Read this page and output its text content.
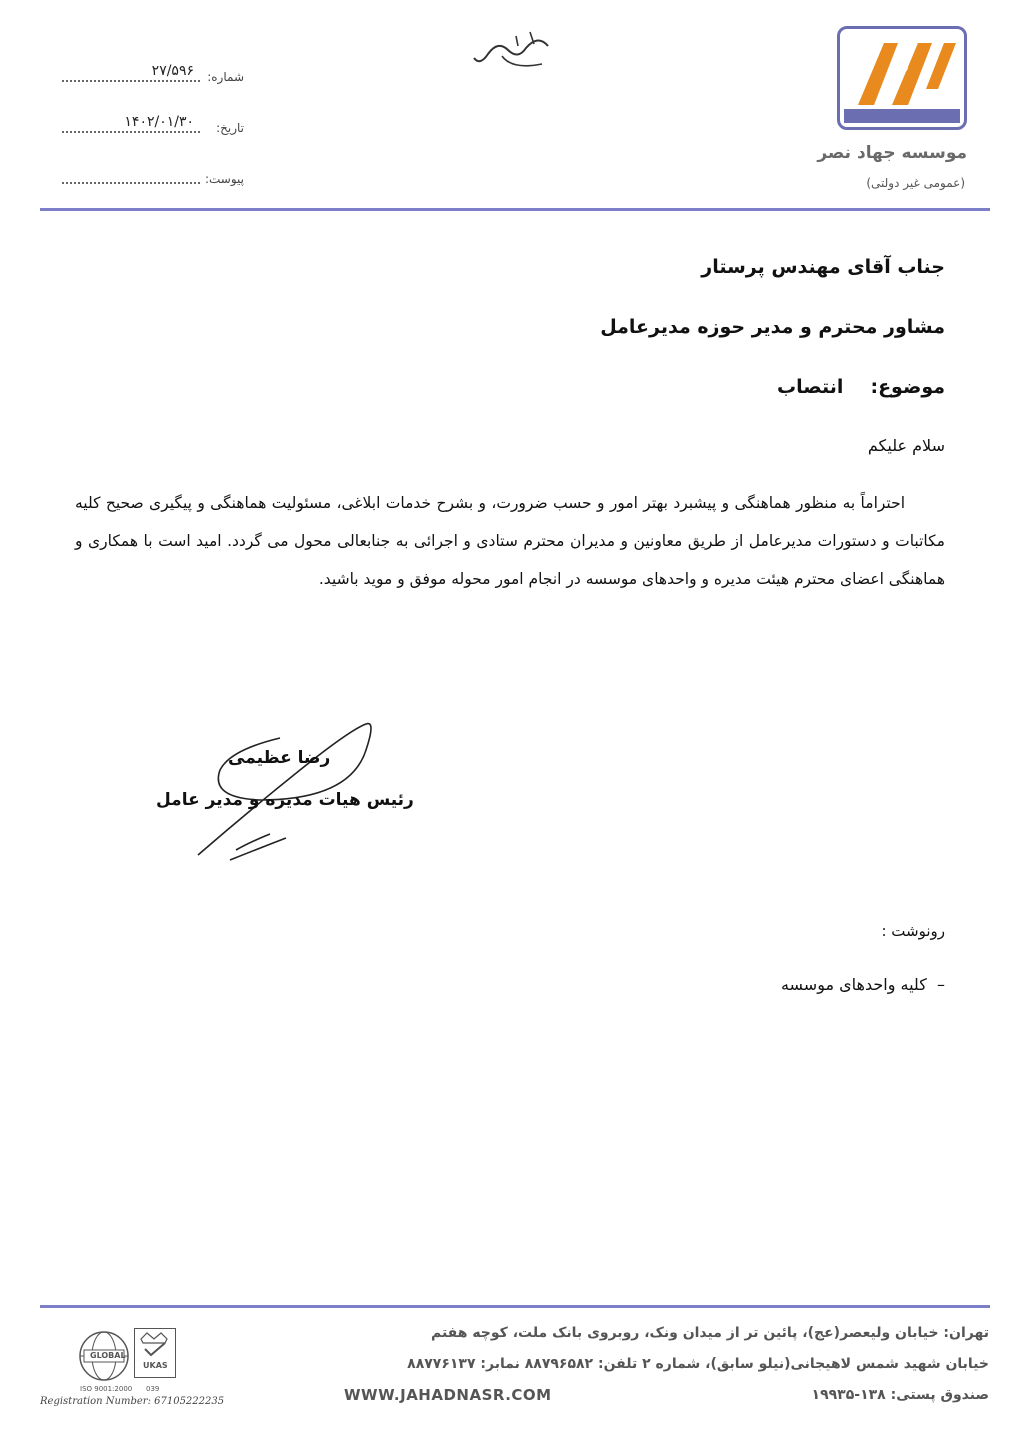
شماره:
۲۷/۵۹۶
تاریخ:
۱۴۰۲/۰۱/۳۰
پیوست:
موسسه جهاد نصر
(عمومی غیر دولتی)
جناب آقای مهندس پرستار
مشاور محترم و مدیر حوزه مدیرعامل
موضوع: انتصاب
سلام علیکم
احتراماً به منظور هماهنگی و پیشبرد بهتر امور و حسب ضرورت، و بشرح خدمات ابلاغی، مسئولیت هماهنگی و پیگیری صحیح کلیه مکاتبات و دستورات مدیرعامل از طریق معاونین و مدیران محترم ستادی و اجرائی به جنابعالی محول می گردد. امید است با همکاری و هماهنگی اعضای محترم هیئت مدیره و واحدهای موسسه در انجام امور محوله موفق و موید باشید.
رضا عظیمی
رئیس هیات مدیره و مدیر عامل
رونوشت :
–  کلیه واحدهای موسسه
تهران: خیابان ولیعصر(عج)، پائین تر از میدان ونک، روبروی بانک ملت، کوچه هفتم
خیابان شهید شمس لاهیجانی(نیلو سابق)، شماره ۲ تلفن: ۸۸۷۹۶۵۸۲ نمابر: ۸۸۷۷۶۱۳۷
صندوق پستی: ۱۳۸-۱۹۹۳۵
WWW.JAHADNASR.COM
GLOBAL
UKAS
ISO 9001:2000 039
Registration Number: 67105222235
